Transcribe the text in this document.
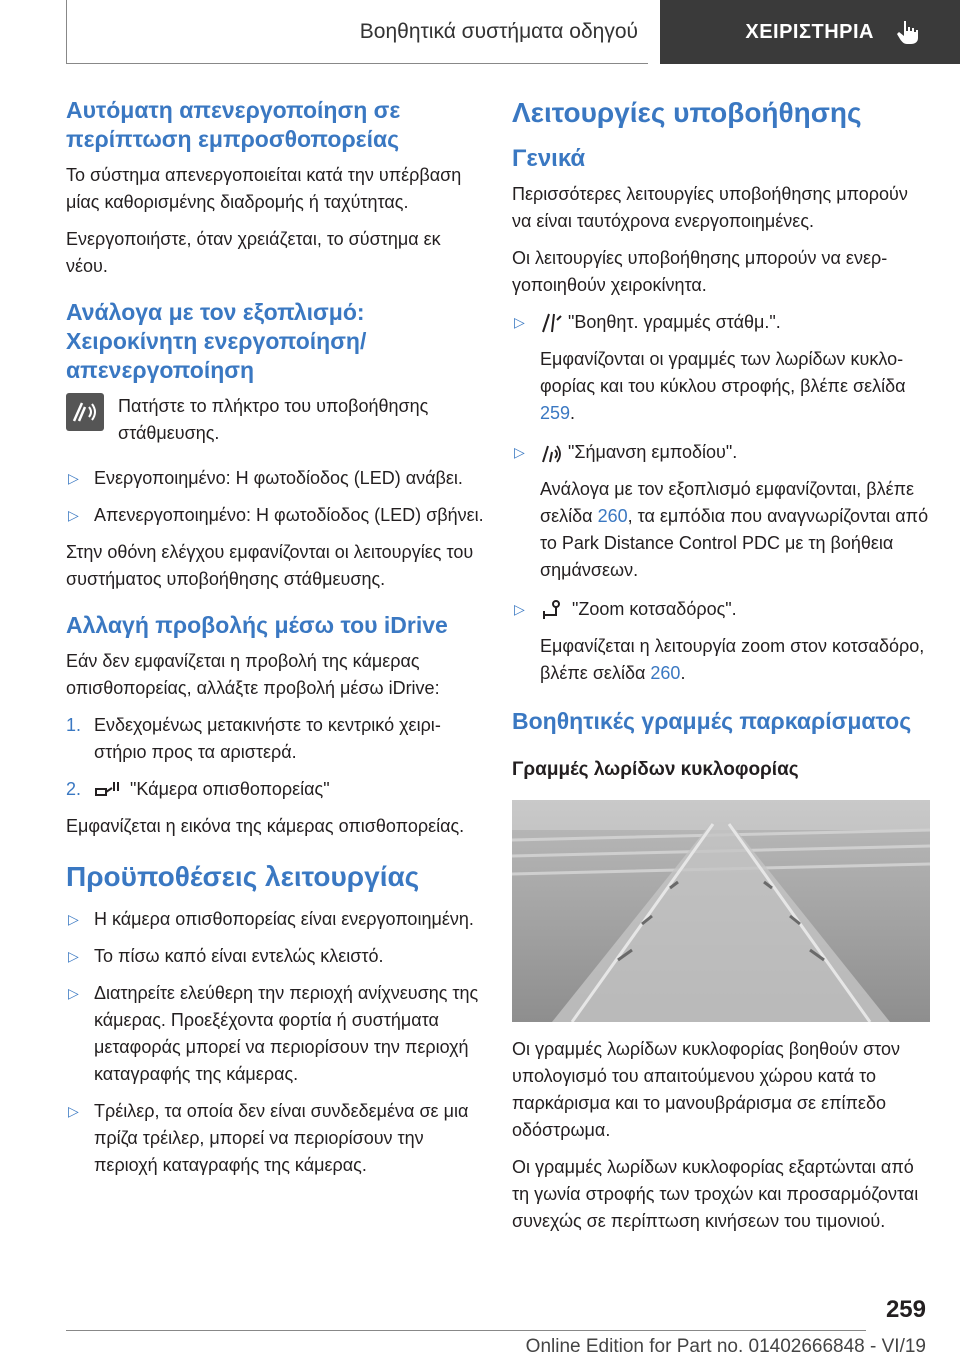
Βοηθητικά συστήματα οδηγού	ΧΕΙΡΙΣΤΗΡΙΑ
Αυτόματη απενεργοποίηση σε περίπτωση εμπροσθοπορείας

Το σύστημα απενεργοποιείται κατά την υπέρβαση μίας καθορισμένης διαδρομής ή ταχύτητας.

Ενεργοποιήστε, όταν χρειάζεται, το σύστημα εκ νέου.

Ανάλογα με τον εξοπλισμό: Χειροκίνητη ενεργοποίηση/ απενεργοποίηση
Πατήστε το πλήκτρο του υποβοήθησης στάθμευσης.
▷ Ενεργοποιημένο: Η φωτοδίοδος (LED) ανάβει.
▷ Απενεργοποιημένο: Η φωτοδίοδος (LED) σβήνει.

Στην οθόνη ελέγχου εμφανίζονται οι λειτουργίες του συστήματος υποβοήθησης στάθμευσης.

Αλλαγή προβολής μέσω του iDrive

Εάν δεν εμφανίζεται η προβολή της κάμερας οπισθοπορείας, αλλάξτε προβολή μέσω iDrive:

1. Ενδεχομένως μετακινήστε το κεντρικό χειριστήριο προς τα αριστερά.
2.	"Κάμερα οπισθοπορείας"

Εμφανίζεται η εικόνα της κάμερας οπισθοπορείας.

Προϋποθέσεις λειτουργίας
▷ Η κάμερα οπισθοπορείας είναι ενεργοποιημένη.
▷ Το πίσω καπό είναι εντελώς κλειστό.
▷ Διατηρείτε ελεύθερη την περιοχή ανίχνευσης της κάμερας. Προεξέχοντα φορτία ή συστήματα μεταφοράς μπορεί να περιορίσουν την περιοχή καταγραφής της κάμερας.
▷ Τρέιλερ, τα οποία δεν είναι συνδεδεμένα σε μια πρίζα τρέιλερ, μπορεί να περιορίσουν την περιοχή καταγραφής της κάμερας.
Λειτουργίες υποβοήθησης
Γενικά

Περισσότερες λειτουργίες υποβοήθησης μπορούν να είναι ταυτόχρονα ενεργοποιημένες.

Οι λειτουργίες υποβοήθησης μπορούν να ενεργοποιηθούν χειροκίνητα.

▷ "Βοηθητ. γραμμές στάθμ.".
Εμφανίζονται οι γραμμές των λωρίδων κυκλοφορίας και του κύκλου στροφής, βλέπε σελίδα 259.
▷ "Σήμανση εμποδίου".
Ανάλογα με τον εξοπλισμό εμφανίζονται, βλέπε σελίδα 260, τα εμπόδια που αναγνωρίζονται από το Park Distance Control PDC με τη βοήθεια σημάνσεων.
▷	"Zoom κοτσαδόρος".
Εμφανίζεται η λειτουργία zoom στον κοτσαδόρο, βλέπε σελίδα 260.
Βοηθητικές γραμμές παρκαρίσματος
Γραμμές λωρίδων κυκλοφορίας

Οι γραμμές λωρίδων κυκλοφορίας βοηθούν στον υπολογισμό του απαιτούμενου χώρου κατά το παρκάρισμα και το μανουβράρισμα σε επίπεδο οδόστρωμα.

Οι γραμμές λωρίδων κυκλοφορίας εξαρτώνται από τη γωνία στροφής των τροχών και προσαρμόζονται συνεχώς σε περίπτωση κινήσεων του τιμονιού.

259
Online Edition for Part no. 01402666848 - VI/19
